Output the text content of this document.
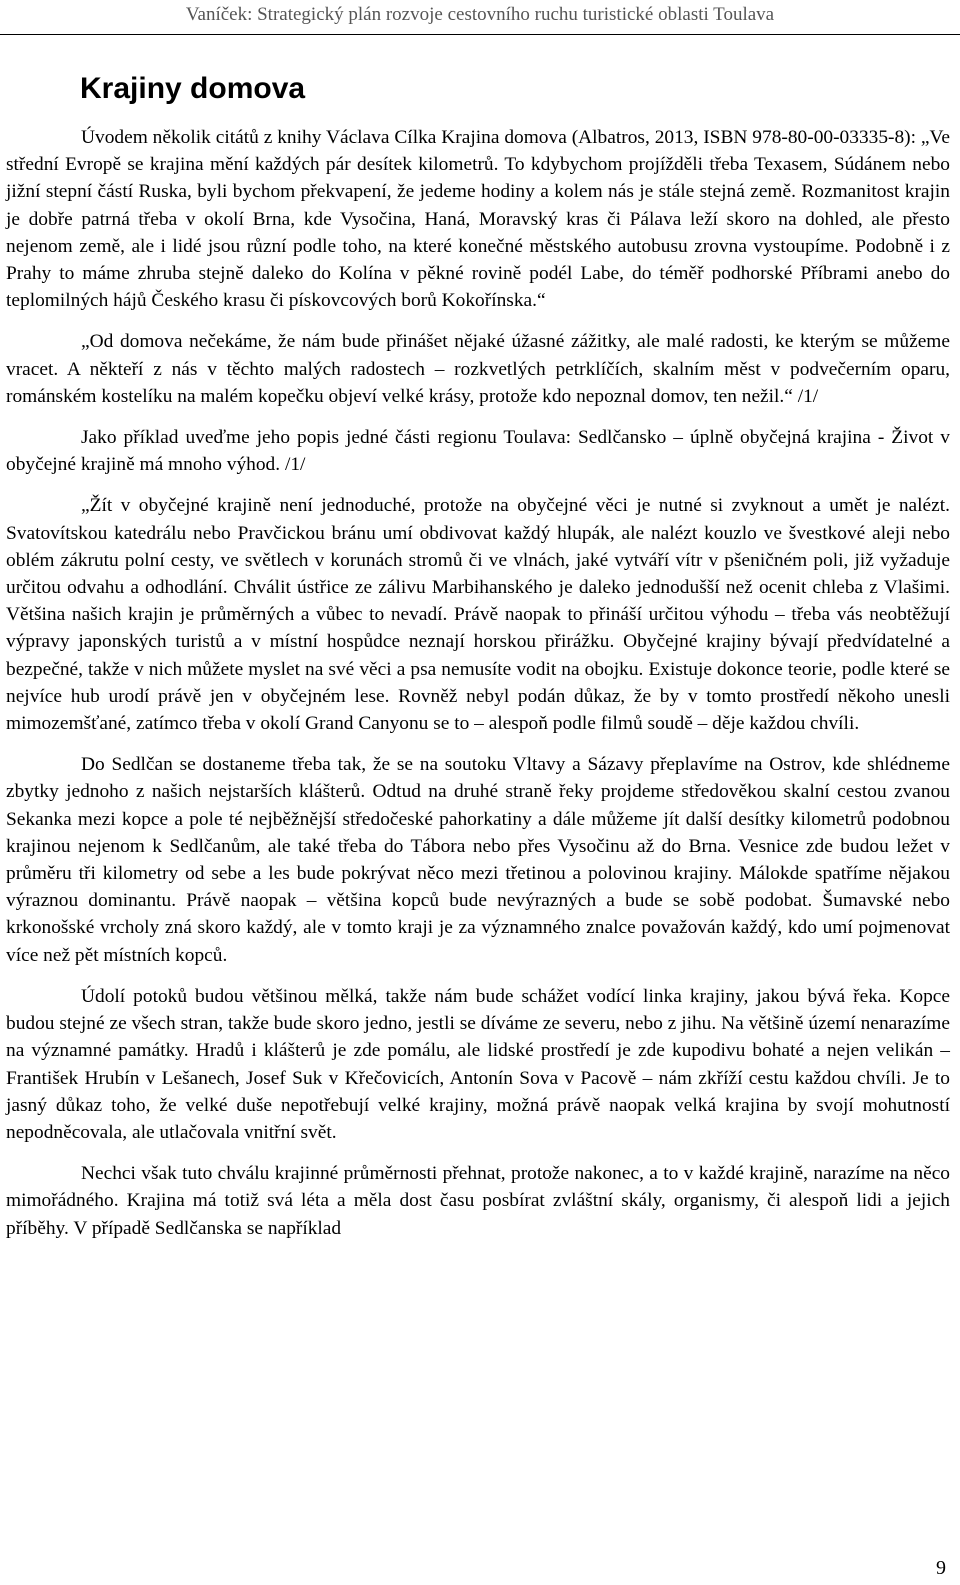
Vaníček: Strategický plán rozvoje cestovního ruchu turistické oblasti Toulava
Krajiny domova

Úvodem několik citátů z knihy Václava Cílka Krajina domova (Albatros, 2013, ISBN 978-80-00-03335-8): „Ve střední Evropě se krajina mění každých pár desítek kilometrů. To kdybychom projížděli třeba Texasem, Súdánem nebo jižní stepní částí Ruska, byli bychom překvapení, že jedeme hodiny a kolem nás je stále stejná země. Rozmanitost krajin je dobře patrná třeba v okolí Brna, kde Vysočina, Haná, Moravský kras či Pálava leží skoro na dohled, ale přesto nejenom země, ale i lidé jsou různí podle toho, na které konečné městského autobusu zrovna vystoupíme. Podobně i z Prahy to máme zhruba stejně daleko do Kolína v pěkné rovině podél Labe, do téměř podhorské Příbrami anebo do teplomilných hájů Českého krasu či pískovcových borů Kokořínska.“

„Od domova nečekáme, že nám bude přinášet nějaké úžasné zážitky, ale malé radosti, ke kterým se můžeme vracet. A někteří z nás v těchto malých radostech – rozkvetlých petrklíčích, skalním měst v podvečerním oparu, románském kostelíku na malém kopečku objeví velké krásy, protože kdo nepoznal domov, ten nežil.“ /1/

Jako příklad uveďme jeho popis jedné části regionu Toulava: Sedlčansko – úplně obyčejná krajina - Život v obyčejné krajině má mnoho výhod. /1/

„Žít v obyčejné krajině není jednoduché, protože na obyčejné věci je nutné si zvyknout a umět je nalézt. Svatovítskou katedrálu nebo Pravčickou bránu umí obdivovat každý hlupák, ale nalézt kouzlo ve švestkové aleji nebo oblém zákrutu polní cesty, ve světlech v korunách stromů či ve vlnách, jaké vytváří vítr v pšeničném poli, již vyžaduje určitou odvahu a odhodlání. Chválit ústřice ze zálivu Marbihanského je daleko jednodušší než ocenit chleba z Vlašimi. Většina našich krajin je průměrných a vůbec to nevadí. Právě naopak to přináší určitou výhodu – třeba vás neobtěžují výpravy japonských turistů a v místní hospůdce neznají horskou přirážku. Obyčejné krajiny bývají předvídatelné a bezpečné, takže v nich můžete myslet na své věci a psa nemusíte vodit na obojku. Existuje dokonce teorie, podle které se nejvíce hub urodí právě jen v obyčejném lese. Rovněž nebyl podán důkaz, že by v tomto prostředí někoho unesli mimozemšťané, zatímco třeba v okolí Grand Canyonu se to – alespoň podle filmů soudě – děje každou chvíli.

Do Sedlčan se dostaneme třeba tak, že se na soutoku Vltavy a Sázavy přeplavíme na Ostrov, kde shlédneme zbytky jednoho z našich nejstarších klášterů. Odtud na druhé straně řeky projdeme středověkou skalní cestou zvanou Sekanka mezi kopce a pole té nejběžnější středočeské pahorkatiny a dále můžeme jít další desítky kilometrů podobnou krajinou nejenom k Sedlčanům, ale také třeba do Tábora nebo přes Vysočinu až do Brna. Vesnice zde budou ležet v průměru tři kilometry od sebe a les bude pokrývat něco mezi třetinou a polovinou krajiny. Málokde spatříme nějakou výraznou dominantu. Právě naopak – většina kopců bude nevýrazných a bude se sobě podobat. Šumavské nebo krkonošské vrcholy zná skoro každý, ale v tomto kraji je za významného znalce považován každý, kdo umí pojmenovat více než pět místních kopců.

Údolí potoků budou většinou mělká, takže nám bude schážet vodící linka krajiny, jakou bývá řeka. Kopce budou stejné ze všech stran, takže bude skoro jedno, jestli se díváme ze severu, nebo z jihu. Na většině území nenarazíme na významné památky. Hradů i klášterů je zde pomálu, ale lidské prostředí je zde kupodivu bohaté a nejen velikán – František Hrubín v Lešanech, Josef Suk v Křečovicích, Antonín Sova v Pacově – nám zkříží cestu každou chvíli. Je to jasný důkaz toho, že velké duše nepotřebují velké krajiny, možná právě naopak velká krajina by svojí mohutností nepodněcovala, ale utlačovala vnitřní svět.

Nechci však tuto chválu krajinné průměrnosti přehnat, protože nakonec, a to v každé krajině, narazíme na něco mimořádného. Krajina má totiž svá léta a měla dost času posbírat zvláštní skály, organismy, či alespoň lidi a jejich příběhy. V případě Sedlčanska se například

9
